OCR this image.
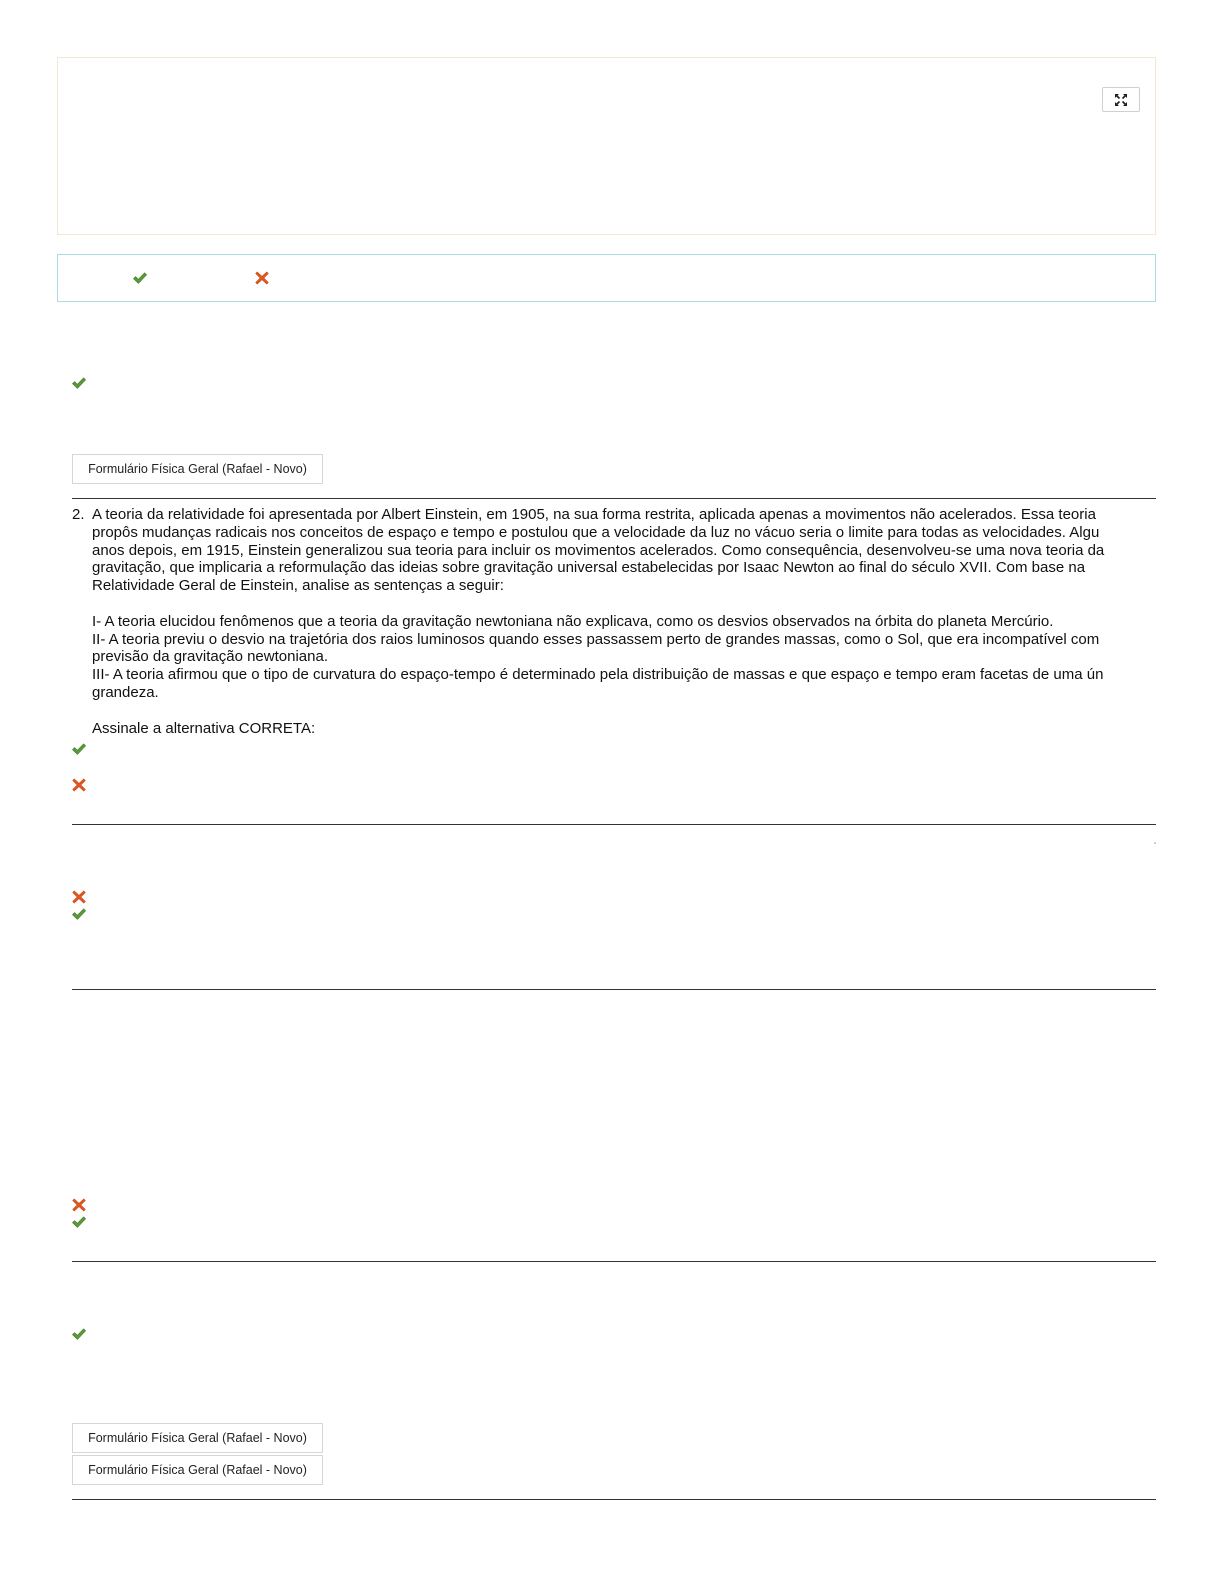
Formulário Física Geral (Rafael - Novo)
2. A teoria da relatividade foi apresentada por Albert Einstein, em 1905, na sua forma restrita, aplicada apenas a movimentos não acelerados. Essa teoria

propôs mudanças radicais nos conceitos de espaço e tempo e postulou que a velocidade da luz no vácuo seria o limite para todas as velocidades. Algu

anos depois, em 1915, Einstein generalizou sua teoria para incluir os movimentos acelerados. Como consequência, desenvolveu-se uma nova teoria da

gravitação, que implicaria a reformulação das ideias sobre gravitação universal estabelecidas por Isaac Newton ao final do século XVII. Com base na

Relatividade Geral de Einstein, analise as sentenças a seguir:

I- A teoria elucidou fenômenos que a teoria da gravitação newtoniana não explicava, como os desvios observados na órbita do planeta Mercúrio.

II- A teoria previu o desvio na trajetória dos raios luminosos quando esses passassem perto de grandes massas, como o Sol, que era incompatível com

previsão da gravitação newtoniana.

III- A teoria afirmou que o tipo de curvatura do espaço-tempo é determinado pela distribuição de massas e que espaço e tempo eram facetas de uma ún

grandeza.

Assinale a alternativa CORRETA:

Formulário Física Geral (Rafael - Novo)
Formulário Física Geral (Rafael - Novo)
